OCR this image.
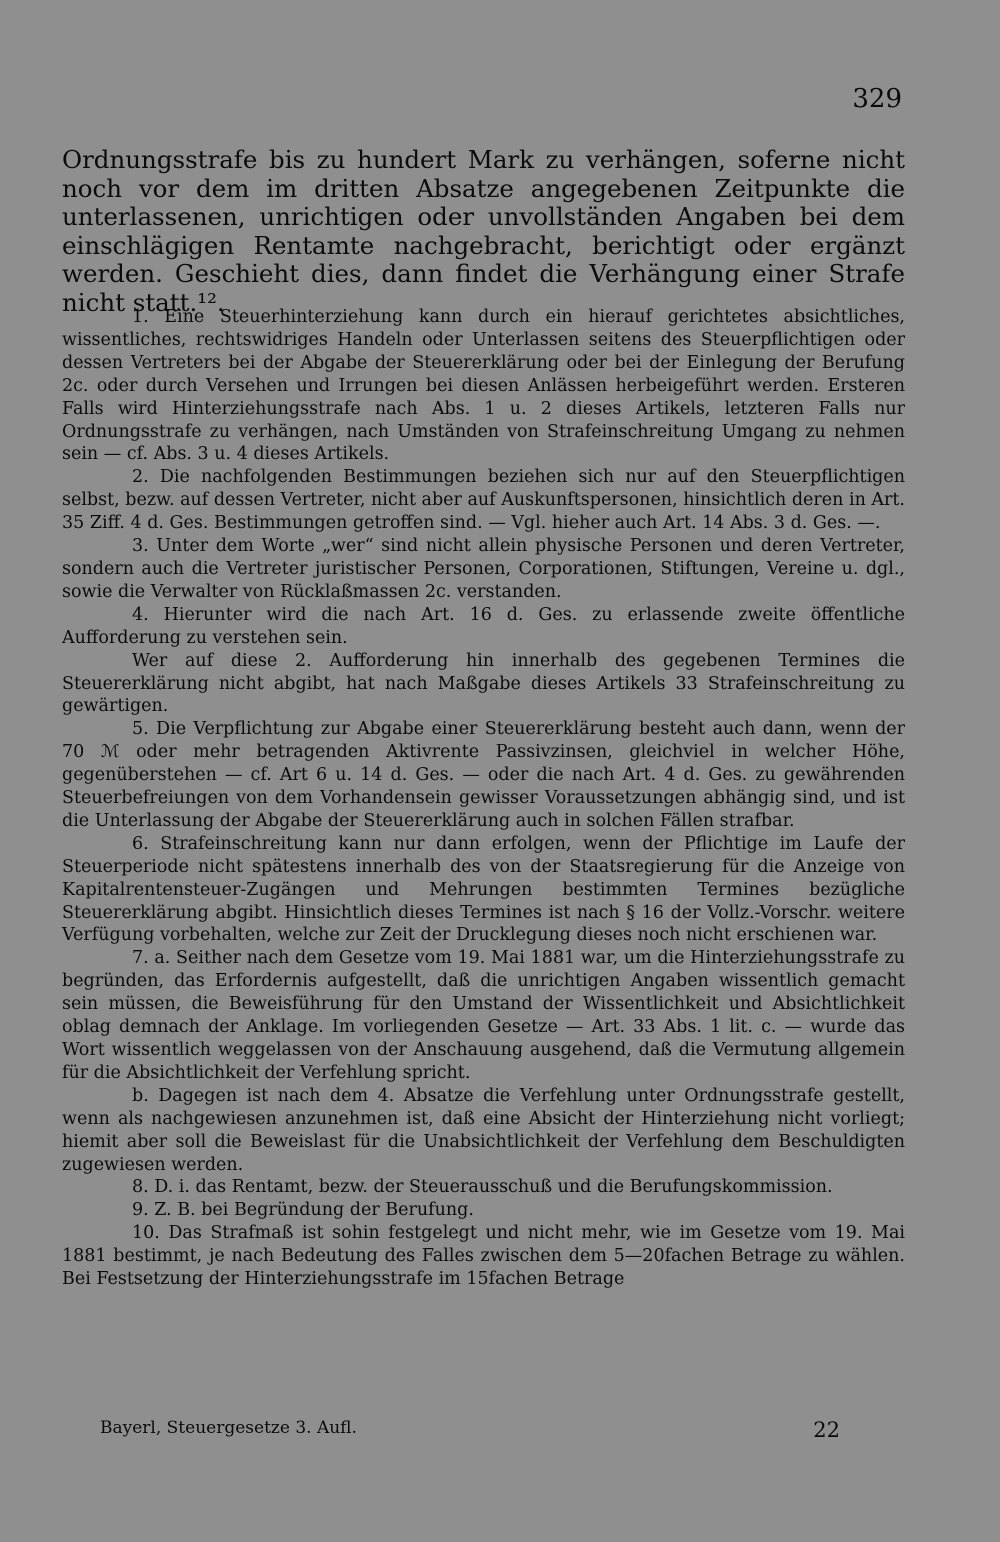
329
Ordnungsstrafe bis zu hundert Mark zu verhängen, soferne nicht noch vor dem im dritten Absatze angegebenen Zeitpunkte die unterlassenen, unrichtigen oder unvollständen Angaben bei dem einschlägigen Rentamte nachgebracht, berichtigt oder ergänzt werden. Geschieht dies, dann findet die Verhängung einer Strafe nicht statt.¹².

1. Eine Steuerhinterziehung kann durch ein hierauf gerichtetes absichtliches, wissentliches, rechtswidriges Handeln oder Unterlassen seitens des Steuerpflichtigen oder dessen Vertreters bei der Abgabe der Steuererklärung oder bei der Einlegung der Berufung 2c. oder durch Versehen und Irrungen bei diesen Anlässen herbeigeführt werden. Ersteren Falls wird Hinterziehungsstrafe nach Abs. 1 u. 2 dieses Artikels, letzteren Falls nur Ordnungsstrafe zu verhängen, nach Umständen von Strafeinschreitung Umgang zu nehmen sein — cf. Abs. 3 u. 4 dieses Artikels.

2. Die nachfolgenden Bestimmungen beziehen sich nur auf den Steuerpflichtigen selbst, bezw. auf dessen Vertreter, nicht aber auf Auskunftspersonen, hinsichtlich deren in Art. 35 Ziff. 4 d. Ges. Bestimmungen getroffen sind. — Vgl. hieher auch Art. 14 Abs. 3 d. Ges. —.

3. Unter dem Worte „wer“ sind nicht allein physische Personen und deren Vertreter, sondern auch die Vertreter juristischer Personen, Corporationen, Stiftungen, Vereine u. dgl., sowie die Verwalter von Rücklaßmassen 2c. verstanden.

4. Hierunter wird die nach Art. 16 d. Ges. zu erlassende zweite öffentliche Aufforderung zu verstehen sein.

Wer auf diese 2. Aufforderung hin innerhalb des gegebenen Termines die Steuererklärung nicht abgibt, hat nach Maßgabe dieses Artikels 33 Strafeinschreitung zu gewärtigen.

5. Die Verpflichtung zur Abgabe einer Steuererklärung besteht auch dann, wenn der 70 ℳ oder mehr betragenden Aktivrente Passivzinsen, gleichviel in welcher Höhe, gegenüberstehen — cf. Art 6 u. 14 d. Ges. — oder die nach Art. 4 d. Ges. zu gewährenden Steuerbefreiungen von dem Vorhandensein gewisser Voraussetzungen abhängig sind, und ist die Unterlassung der Abgabe der Steuererklärung auch in solchen Fällen strafbar.

6. Strafeinschreitung kann nur dann erfolgen, wenn der Pflichtige im Laufe der Steuerperiode nicht spätestens innerhalb des von der Staatsregierung für die Anzeige von Kapitalrentensteuer-Zugängen und Mehrungen bestimmten Termines bezügliche Steuererklärung abgibt. Hinsichtlich dieses Termines ist nach § 16 der Vollz.-Vorschr. weitere Verfügung vorbehalten, welche zur Zeit der Drucklegung dieses noch nicht erschienen war.

7. a. Seither nach dem Gesetze vom 19. Mai 1881 war, um die Hinterziehungsstrafe zu begründen, das Erfordernis aufgestellt, daß die unrichtigen Angaben wissentlich gemacht sein müssen, die Beweisführung für den Umstand der Wissentlichkeit und Absichtlichkeit oblag demnach der Anklage. Im vorliegenden Gesetze — Art. 33 Abs. 1 lit. c. — wurde das Wort wissentlich weggelassen von der Anschauung ausgehend, daß die Vermutung allgemein für die Absichtlichkeit der Verfehlung spricht.

b. Dagegen ist nach dem 4. Absatze die Verfehlung unter Ordnungsstrafe gestellt, wenn als nachgewiesen anzunehmen ist, daß eine Absicht der Hinterziehung nicht vorliegt; hiemit aber soll die Beweislast für die Unabsichtlichkeit der Verfehlung dem Beschuldigten zugewiesen werden.

8. D. i. das Rentamt, bezw. der Steuerausschuß und die Berufungskommission.

9. Z. B. bei Begründung der Berufung.

10. Das Strafmaß ist sohin festgelegt und nicht mehr, wie im Gesetze vom 19. Mai 1881 bestimmt, je nach Bedeutung des Falles zwischen dem 5—20fachen Betrage zu wählen. Bei Festsetzung der Hinterziehungsstrafe im 15fachen Betrage

Bayerl, Steuergesetze 3. Aufl.	22
